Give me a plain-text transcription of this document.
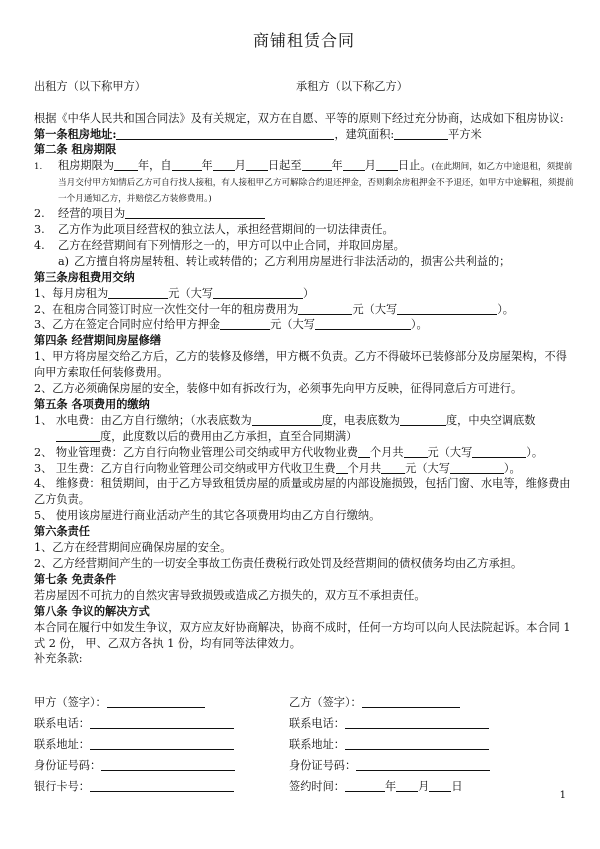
商铺租赁合同

出租方（以下称甲方）	承租方（以下称乙方）

根据《中华人民共和国合同法》及有关规定，双方在自愿、平等的原则下经过充分协商，达成如下租房协议:

第一条租房地址:	，建筑面积:	平方米

第二条 租房期限

1. 租房期限为 年，自	年 月 日起至	年 月 日止。(在此期间，如乙方中途退租，须提前当月交付甲方知情后乙方可自行找人接租，有人接租甲乙方可解除合约退还押金，否则剩余房租押金不予退还，如甲方中途解租，须提前一个月通知乙方，并赔偿乙方装修费用。)

2. 经营的项目为

3. 乙方作为此项目经营权的独立法人，承担经营期间的一切法律责任。

4. 乙方在经营期间有下列情形之一的，甲方可以中止合同，并取回房屋。

a) 乙方擅自将房屋转租、转让或转借的；乙方利用房屋进行非法活动的，损害公共利益的；

第三条房租费用交纳

1、每月房租为	元（大写	）

2、在租房合同签订时应一次性交付一年的租房费用为	元（大写	）。

3、乙方在签定合同时应付给甲方押金	元（大写	）。

第四条 经营期间房屋修缮

1、甲方将房屋交给乙方后，乙方的装修及修缮，甲方概不负责。乙方不得破坏已装修部分及房屋架构，不得向甲方索取任何装修费用。

2、乙方必须确保房屋的安全，装修中如有拆改行为，必须事先向甲方反映，征得同意后方可进行。

第五条 各项费用的缴纳

1、 水电费：由乙方自行缴纳；（水表底数为	度，电表底数为	度，中央空调底数
度，此度数以后的费用由乙方承担，直至合同期满）

2、 物业管理费：乙方自行向物业管理公司交纳或甲方代收物业费 个月共 元（大写	）。

3、 卫生费：乙方自行向物业管理公司交纳或甲方代收卫生费 个月共 元（大写	）。

4、 维修费：租赁期间，由于乙方导致租赁房屋的质量或房屋的内部设施损毁，包括门窗、水电等，维修费由乙方负责。

5、 使用该房屋进行商业活动产生的其它各项费用均由乙方自行缴纳。

第六条责任

1、乙方在经营期间应确保房屋的安全。

2、乙方经营期间产生的一切安全事故工伤责任费税行政处罚及经营期间的债权债务均由乙方承担。

第七条 免责条件

若房屋因不可抗力的自然灾害导致损毁或造成乙方损失的，双方互不承担责任。

第八条 争议的解决方式

本合同在履行中如发生争议，双方应友好协商解决，协商不成时，任何一方均可以向人民法院起诉。本合同 1 式 2 份， 甲、乙双方各执 1 份，均有同等法律效力。

补充条款:

甲方（签字）：	乙方（签字）：
联系电话：	联系电话：
联系地址：	联系地址：
身份证号码：	身份证号码：
银行卡号：	签约时间：	年 月 日
1
